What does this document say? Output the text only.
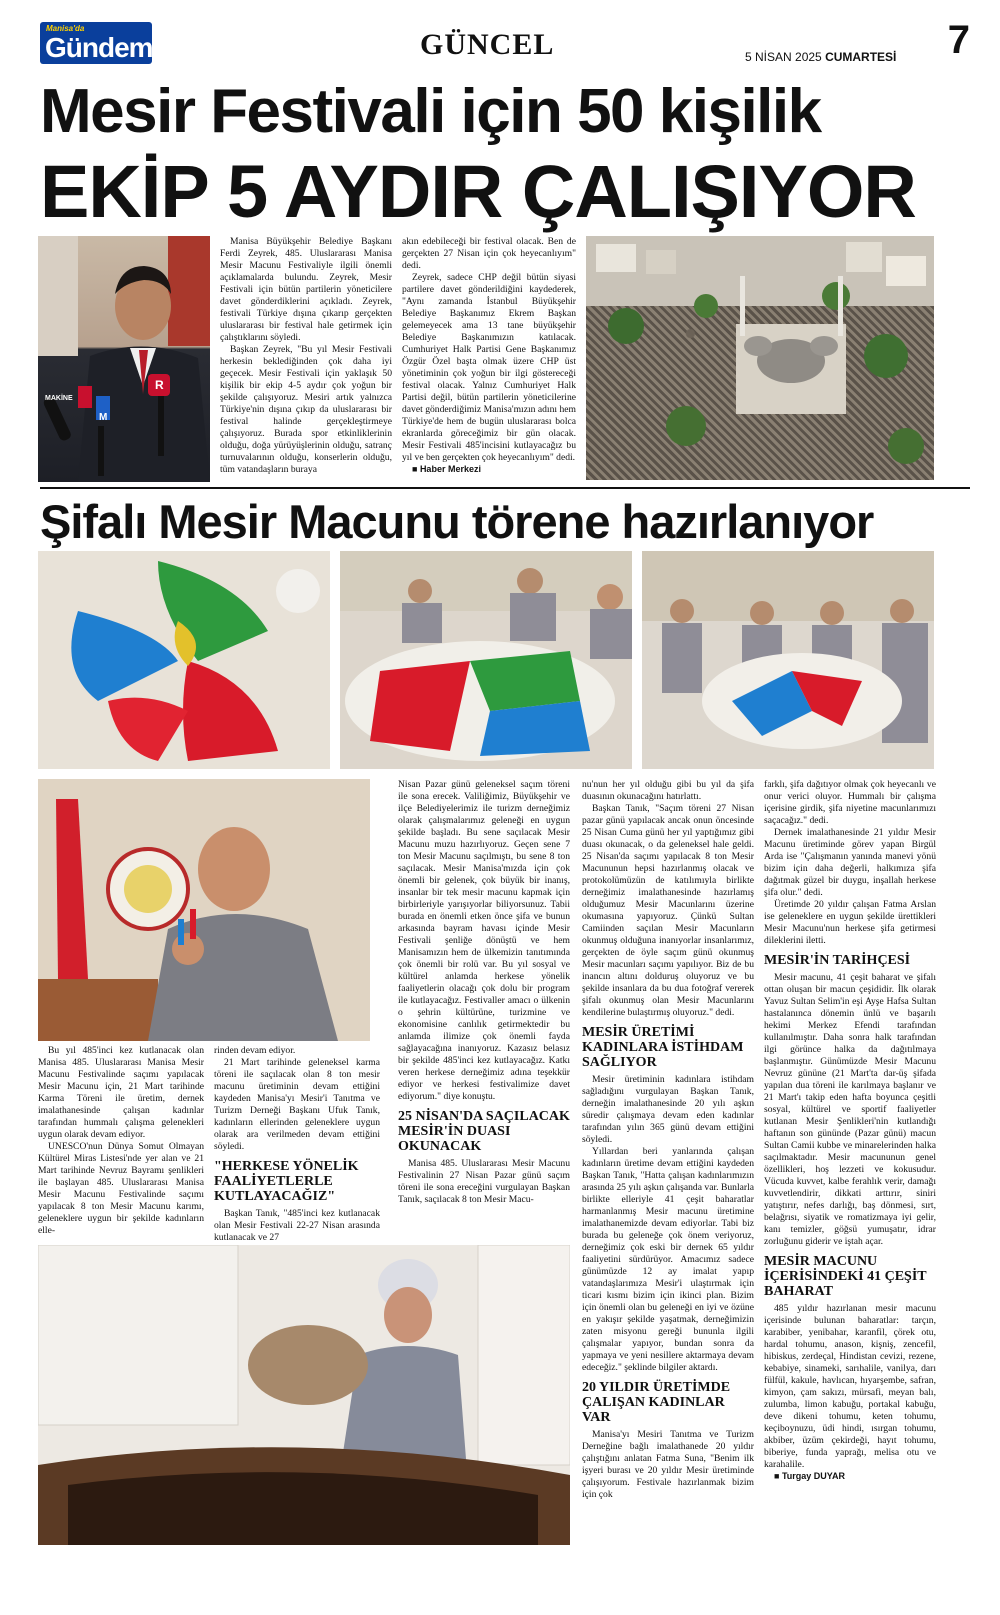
Manisa'da
Gündem	GÜNCEL	5 NİSAN 2025 CUMARTESİ 7
Mesir Festivali için 50 kişilik
EKİP 5 AYDIR ÇALIŞIYOR

Manisa Büyükşehir Belediye Başkanı Ferdi Zeyrek, 485. Uluslararası Manisa Mesir Macunu Festivaliyle ilgili önemli açıklamalarda bulundu. Zeyrek, Mesir Festivali için bütün partilerin yöneticilere davet gönderdiklerini açıkladı. Zeyrek, festivali Türkiye dışına çıkarıp gerçekten uluslararası bir festival hale getirmek için çalıştıklarını söyledi.

Başkan Zeyrek, "Bu yıl Mesir Festivali herkesin beklediğinden çok daha iyi geçecek. Mesir Festivali için yaklaşık 50 kişilik bir ekip 4-5 aydır çok yoğun bir şekilde çalışıyoruz. Mesiri artık yalnızca Türkiye'nin dışına çıkıp da uluslararası bir festival halinde gerçekleştirmeye çalışıyoruz. Burada spor etkinliklerinin olduğu, doğa yürüyüşlerinin olduğu, satranç turnuvalarının olduğu, konserlerin olduğu, tüm vatandaşların buraya

akın edebileceği bir festival olacak. Ben de gerçekten 27 Nisan için çok heyecanlıyım" dedi.

Zeyrek, sadece CHP değil bütün siyasi partilere davet gönderildiğini kaydederek, "Aynı zamanda İstanbul Büyükşehir Belediye Başkanımız Ekrem Başkan gelemeyecek ama 13 tane büyükşehir Belediye Başkanımızın katılacak. Cumhuriyet Halk Partisi Gene Başkanımız Özgür Özel başta olmak üzere CHP üst yönetiminin çok yoğun bir ilgi göstereceği festival olacak. Yalnız Cumhuriyet Halk Partisi değil, bütün partilerin yöneticilerine davet gönderdiğimiz Manisa'mızın adını hem Türkiye'de hem de bugün uluslararası bolca ekranlarda göreceğimiz bir gün olacak. Mesir Festivali 485'incisini kutlayacağız bu yıl ve ben gerçekten çok heyecanlıyım" dedi.

■ Haber Merkezi

Şifalı Mesir Macunu törene hazırlanıyor

Bu yıl 485'inci kez kutlanacak olan Manisa 485. Uluslararası Manisa Mesir Macunu Festivalinde saçımı yapılacak Mesir Macunu için, 21 Mart tarihinde Karma Töreni ile üretim, dernek imalathanesinde çalışan kadınlar tarafından hummalı çalışma gelenekleri uygun olarak devam ediyor.

UNESCO'nun Dünya Somut Olmayan Kültürel Miras Listesi'nde yer alan ve 21 Mart tarihinde Nevruz Bayramı şenlikleri ile başlayan 485. Uluslararası Manisa Mesir Macunu Festivalinde saçımı yapılacak 8 ton Mesir Macunu karımı, geleneklere uygun bir şekilde kadınların elle-

rinden devam ediyor.

21 Mart tarihinde geleneksel karma töreni ile saçılacak olan 8 ton mesir macunu üretiminin devam ettiğini kaydeden Manisa'yı Mesir'i Tanıtma ve Turizm Derneği Başkanı Ufuk Tanık, kadınların ellerinden geleneklere uygun olarak ara verilmeden devam ettiğini söyledi.

"HERKESE YÖNELİK FAALİYETLERLE KUTLAYACAĞIZ"

Başkan Tanık, "485'inci kez kutlanacak olan Mesir Festivali 22-27 Nisan arasında kutlanacak ve 27

Nisan Pazar günü geleneksel saçım töreni ile sona erecek. Valiliğimiz, Büyükşehir ve ilçe Belediyelerimiz ile turizm derneğimiz olarak çalışmalarımız geleneği en uygun şekilde başladı. Bu sene saçılacak Mesir Macunu muzu hazırlıyoruz. Geçen sene 7 ton Mesir Macunu saçılmıştı, bu sene 8 ton saçılacak. Mesir Manisa'mızda için çok önemli bir gelenek, çok büyük bir inanış, insanlar bir tek mesir macunu kapmak için birbirleriyle yarışıyorlar biliyorsunuz. Tabii burada en önemli etken önce şifa ve bunun arkasında bayram havası içinde Mesir Festivali şenliğe dönüştü ve hem Manisamızın hem de ülkemizin tanıtımında çok önemli bir rolü var. Bu yıl sosyal ve kültürel anlamda herkese yönelik faaliyetlerin olacağı çok dolu bir program ile kutlayacağız. Festivaller amacı o ülkenin o şehrin kültürüne, turizmine ve ekonomisine canlılık getirmektedir bu anlamda ilimize çok önemli fayda sağlayacağına inanıyoruz. Kazasız belasız bir şekilde 485'inci kez kutlayacağız. Katkı veren herkese derneğimiz adına teşekkür ediyor ve herkesi festivalimize davet ediyorum." diye konuştu.

25 NİSAN'DA SAÇILACAK MESİR'İN DUASI OKUNACAK

Manisa 485. Uluslararası Mesir Macunu Festivalinin 27 Nisan Pazar günü saçım töreni ile sona ereceğini vurgulayan Başkan Tanık, saçılacak 8 ton Mesir Macu-

nu'nun her yıl olduğu gibi bu yıl da şifa duasının okunacağını hatırlattı.

Başkan Tanık, "Saçım töreni 27 Nisan pazar günü yapılacak ancak onun öncesinde 25 Nisan Cuma günü her yıl yaptığımız gibi duası okunacak, o da geleneksel hale geldi. 25 Nisan'da saçımı yapılacak 8 ton Mesir Macununun hepsi hazırlanmış olacak ve protokolümüzün de katılımıyla birlikte derneğimiz imalathanesinde hazırlamış olduğumuz Mesir Macunlarını üzerine okumasına yapıyoruz. Çünkü Sultan Camiinden saçılan Mesir Macunların okunmuş olduğuna inanıyorlar insanlarımız, gerçekten de öyle saçım günü okunmuş Mesir macunları saçımı yapılıyor. Biz de bu inancın altını dolduruş oluyoruz ve bu şekilde insanlara da bu dua fotoğraf vererek şifalı okunmuş olan Mesir Macunlarını kendilerine bulaştırmış oluyoruz." dedi.

MESİR ÜRETİMİ KADINLARA İSTİHDAM SAĞLIYOR

Mesir üretiminin kadınlara istihdam sağladığını vurgulayan Başkan Tanık, derneğin imalathanesinde 20 yılı aşkın süredir çalışmaya devam eden kadınlar tarafından yılın 365 günü devam ettiğini söyledi.

Yıllardan beri yanlarında çalışan kadınların üretime devam ettiğini kaydeden Başkan Tanık, "Hatta çalışan kadınlarımızın arasında 25 yılı aşkın çalışanda var. Bunlarla birlikte elleriyle 41 çeşit baharatlar harmanlanmış Mesir macunu üretimine imalathanemizde devam ediyorlar. Tabi biz burada bu geleneğe çok önem veriyoruz, derneğimiz çok eski bir dernek 65 yıldır faaliyetini sürdürüyor. Amacımız sadece günümüzde 12 ay imalat yapıp vatandaşlarımıza Mesir'i ulaştırmak için ticari kısmı bizim için ikinci plan. Bizim için önemli olan bu geleneği en iyi ve özüne en yakışır şekilde yaşatmak, derneğimizin zaten misyonu gereği bununla ilgili çalışmalar yapıyor, bundan sonra da yapmaya ve yeni nesillere aktarmaya devam edeceğiz." şeklinde bilgiler aktardı.

20 YILDIR ÜRETİMDE ÇALIŞAN KADINLAR VAR

Manisa'yı Mesiri Tanıtma ve Turizm Derneğine bağlı imalathanede 20 yıldır çalıştığını anlatan Fatma Suna, "Benim ilk işyeri burası ve 20 yıldır Mesir üretiminde çalışıyorum. Festivale hazırlanmak bizim için çok

farklı, şifa dağıtıyor olmak çok heyecanlı ve onur verici oluyor. Hummalı bir çalışma içerisine girdik, şifa niyetine macunlarımızı saçacağız." dedi.

Dernek imalathanesinde 21 yıldır Mesir Macunu üretiminde görev yapan Birgül Arda ise "Çalışmanın yanında manevi yönü bizim için daha değerli, halkımıza şifa dağıtmak güzel bir duygu, inşallah herkese şifa olur." dedi.

Üretimde 20 yıldır çalışan Fatma Arslan ise geleneklere en uygun şekilde ürettikleri Mesir Macunu'nun herkese şifa getirmesi dileklerini iletti.

MESİR'İN TARİHÇESİ

Mesir macunu, 41 çeşit baharat ve şifalı ottan oluşan bir macun çeşididir. İlk olarak Yavuz Sultan Selim'in eşi Ayşe Hafsa Sultan hastalanınca dönemin ünlü ve başarılı hekimi Merkez Efendi tarafından kullanılmıştır. Daha sonra halk tarafından ilgi görünce halka da dağıtılmaya başlanmıştır. Günümüzde Mesir Macunu Nevruz gününe (21 Mart'ta dar-üş şifada yapılan dua töreni ile karılmaya başlanır ve 21 Mart'ı takip eden hafta boyunca çeşitli sosyal, kültürel ve sportif faaliyetler kutlanan Mesir Şenlikleri'nin kutlandığı haftanın son gününde (Pazar günü) macun Sultan Camii kubbe ve minarelerinden halka saçılmaktadır. Mesir macununun genel özellikleri, hoş lezzeti ve kokusudur. Vücuda kuvvet, kalbe ferahlık verir, damağı kuvvetlendirir, dikkati arttırır, siniri yatıştırır, nefes darlığı, baş dönmesi, sırt, belağrısı, siyatik ve romatizmaya iyi gelir, kanı temizler, göğsü yumuşatır, idrar zorluğunu giderir ve iştah açar.

MESİR MACUNU İÇERİSİNDEKİ 41 ÇEŞİT BAHARAT

485 yıldır hazırlanan mesir macunu içerisinde bulunan baharatlar: tarçın, karabiber, yenibahar, karanfil, çörek otu, hardal tohumu, anason, kişniş, zencefil, hibiskus, zerdeçal, Hindistan cevizi, rezene, kebabiye, sinameki, sarıhalile, vanilya, darı fülfül, kakule, havlıcan, hıyarşembe, safran, kimyon, çam sakızı, mürsafi, meyan balı, zulumba, limon kabuğu, portakal kabuğu, deve dikeni tohumu, keten tohumu, keçiboynuzu, üdi hindi, ısırgan tohumu, akbiber, üzüm çekirdeği, hayıt tohumu, biberiye, funda yaprağı, melisa otu ve karahalile.

■ Turgay DUYAR

MAKİNE
R
M
